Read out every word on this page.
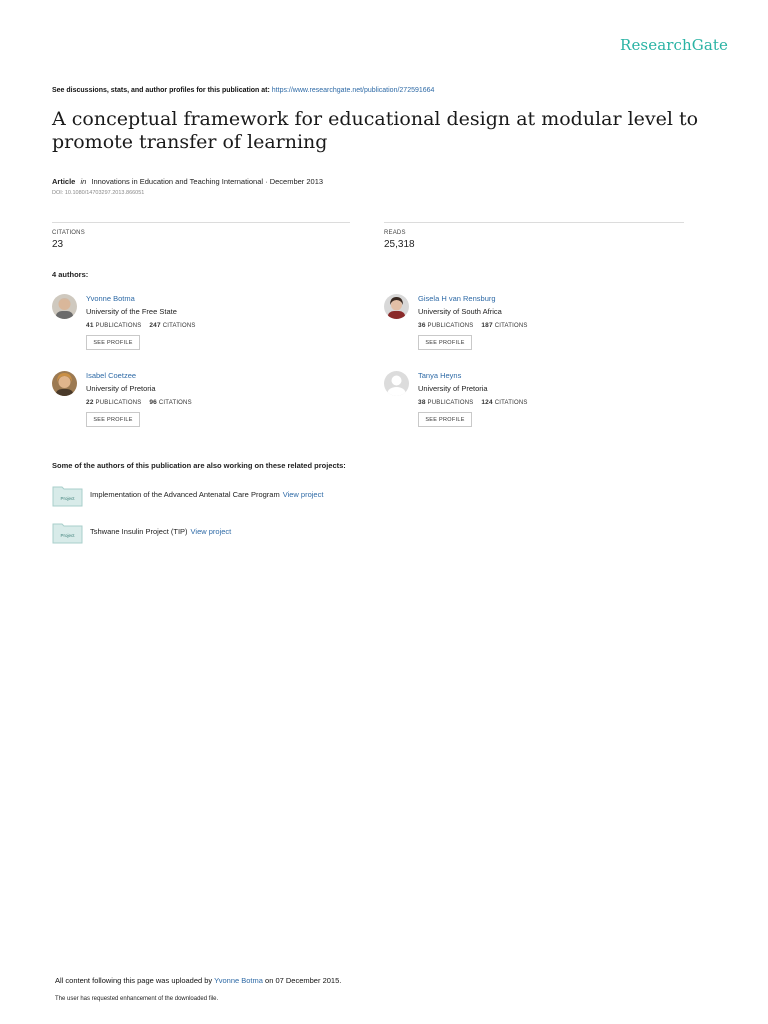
ResearchGate
See discussions, stats, and author profiles for this publication at: https://www.researchgate.net/publication/272591664
A conceptual framework for educational design at modular level to promote transfer of learning
Article in Innovations in Education and Teaching International · December 2013
DOI: 10.1080/14703297.2013.866051
CITATIONS
23
READS
25,318
4 authors:
Yvonne Botma
University of the Free State
41 PUBLICATIONS 247 CITATIONS
SEE PROFILE
Gisela H van Rensburg
University of South Africa
36 PUBLICATIONS 187 CITATIONS
SEE PROFILE
Isabel Coetzee
University of Pretoria
22 PUBLICATIONS 96 CITATIONS
SEE PROFILE
Tanya Heyns
University of Pretoria
38 PUBLICATIONS 124 CITATIONS
SEE PROFILE
Some of the authors of this publication are also working on these related projects:
Project Implementation of the Advanced Antenatal Care Program View project
Project Tshwane Insulin Project (TIP) View project
All content following this page was uploaded by Yvonne Botma on 07 December 2015.
The user has requested enhancement of the downloaded file.
